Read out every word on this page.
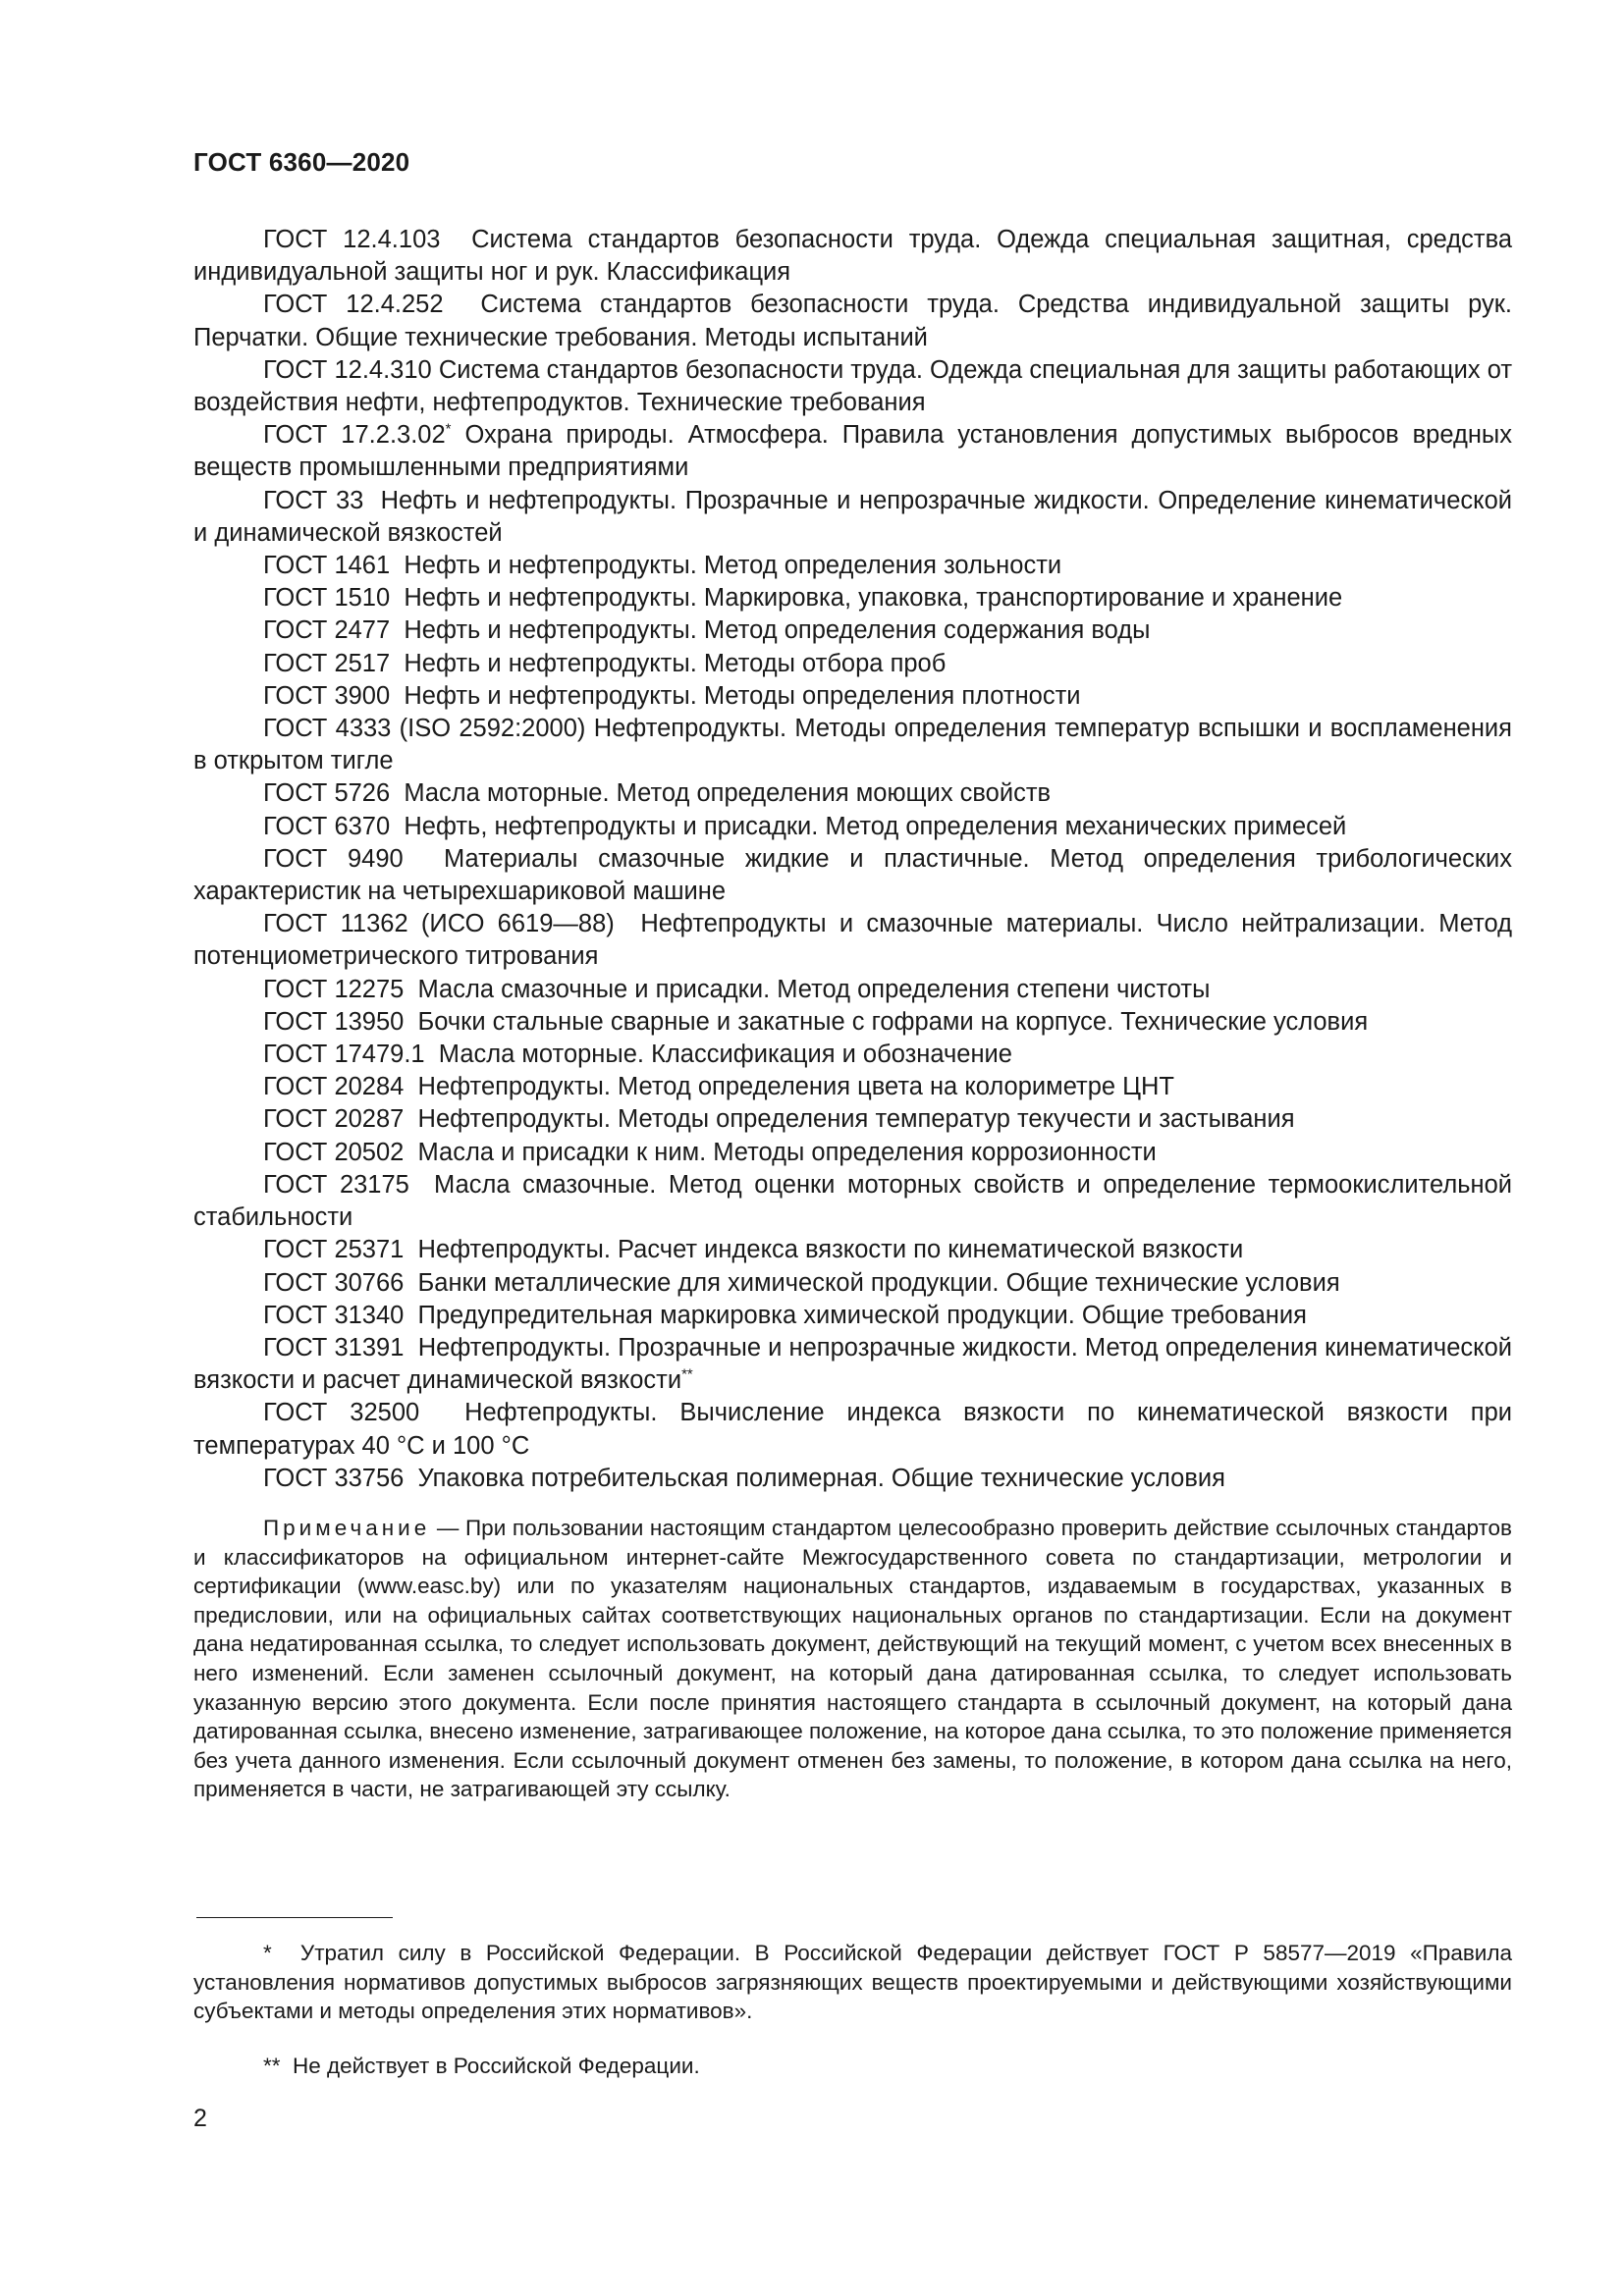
ГОСТ 6360—2020

ГОСТ 12.4.103 Система стандартов безопасности труда. Одежда специальная защитная, средства индивидуальной защиты ног и рук. Классификация

ГОСТ 12.4.252 Система стандартов безопасности труда. Средства индивидуальной защиты рук. Перчатки. Общие технические требования. Методы испытаний

ГОСТ 12.4.310 Система стандартов безопасности труда. Одежда специальная для защиты работающих от воздействия нефти, нефтепродуктов. Технические требования

ГОСТ 17.2.3.02* Охрана природы. Атмосфера. Правила установления допустимых выбросов вредных веществ промышленными предприятиями

ГОСТ 33 Нефть и нефтепродукты. Прозрачные и непрозрачные жидкости. Определение кинематической и динамической вязкостей

ГОСТ 1461 Нефть и нефтепродукты. Метод определения зольности

ГОСТ 1510 Нефть и нефтепродукты. Маркировка, упаковка, транспортирование и хранение

ГОСТ 2477 Нефть и нефтепродукты. Метод определения содержания воды

ГОСТ 2517 Нефть и нефтепродукты. Методы отбора проб

ГОСТ 3900 Нефть и нефтепродукты. Методы определения плотности

ГОСТ 4333 (ISO 2592:2000) Нефтепродукты. Методы определения температур вспышки и воспламенения в открытом тигле

ГОСТ 5726 Масла моторные. Метод определения моющих свойств

ГОСТ 6370 Нефть, нефтепродукты и присадки. Метод определения механических примесей

ГОСТ 9490 Материалы смазочные жидкие и пластичные. Метод определения трибологических характеристик на четырехшариковой машине

ГОСТ 11362 (ИСО 6619—88) Нефтепродукты и смазочные материалы. Число нейтрализации. Метод потенциометрического титрования

ГОСТ 12275 Масла смазочные и присадки. Метод определения степени чистоты

ГОСТ 13950 Бочки стальные сварные и закатные с гофрами на корпусе. Технические условия

ГОСТ 17479.1 Масла моторные. Классификация и обозначение

ГОСТ 20284 Нефтепродукты. Метод определения цвета на колориметре ЦНТ

ГОСТ 20287 Нефтепродукты. Методы определения температур текучести и застывания

ГОСТ 20502 Масла и присадки к ним. Методы определения коррозионности

ГОСТ 23175 Масла смазочные. Метод оценки моторных свойств и определение термоокислительной стабильности

ГОСТ 25371 Нефтепродукты. Расчет индекса вязкости по кинематической вязкости

ГОСТ 30766 Банки металлические для химической продукции. Общие технические условия

ГОСТ 31340 Предупредительная маркировка химической продукции. Общие требования

ГОСТ 31391 Нефтепродукты. Прозрачные и непрозрачные жидкости. Метод определения кинематической вязкости и расчет динамической вязкости**

ГОСТ 32500 Нефтепродукты. Вычисление индекса вязкости по кинематической вязкости при температурах 40 °С и 100 °С

ГОСТ 33756 Упаковка потребительская полимерная. Общие технические условия

Примечание — При пользовании настоящим стандартом целесообразно проверить действие ссылочных стандартов и классификаторов на официальном интернет-сайте Межгосударственного совета по стандартизации, метрологии и сертификации (www.easc.by) или по указателям национальных стандартов, издаваемым в государствах, указанных в предисловии, или на официальных сайтах соответствующих национальных органов по стандартизации. Если на документ дана недатированная ссылка, то следует использовать документ, действующий на текущий момент, с учетом всех внесенных в него изменений. Если заменен ссылочный документ, на который дана датированная ссылка, то следует использовать указанную версию этого документа. Если после принятия настоящего стандарта в ссылочный документ, на который дана датированная ссылка, внесено изменение, затрагивающее положение, на которое дана ссылка, то это положение применяется без учета данного изменения. Если ссылочный документ отменен без замены, то положение, в котором дана ссылка на него, применяется в части, не затрагивающей эту ссылку.

* Утратил силу в Российской Федерации. В Российской Федерации действует ГОСТ Р 58577—2019 «Правила установления нормативов допустимых выбросов загрязняющих веществ проектируемыми и действующими хозяйствующими субъектами и методы определения этих нормативов».

** Не действует в Российской Федерации.

2
